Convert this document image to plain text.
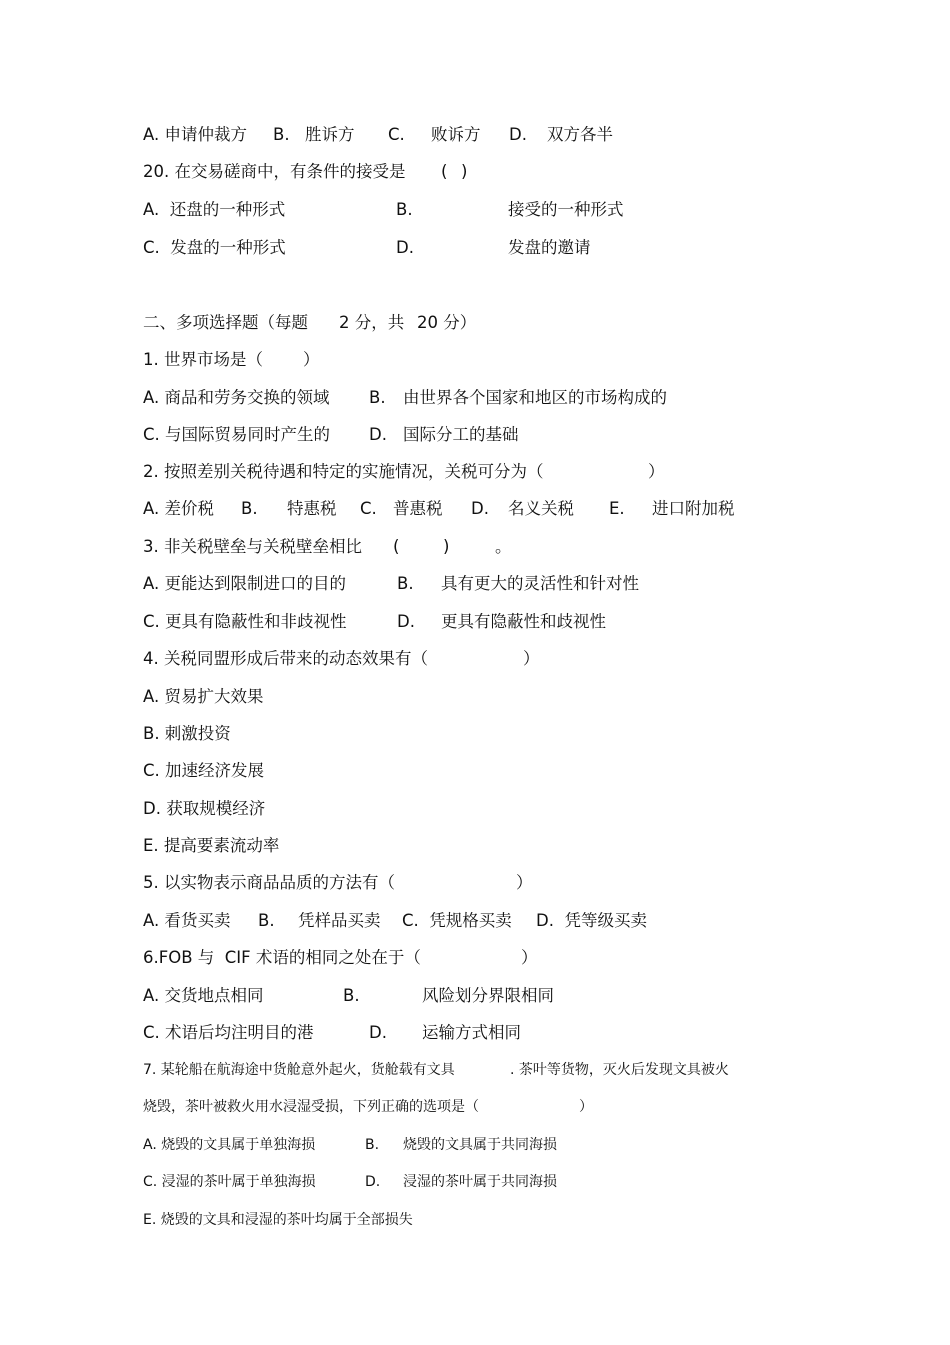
A. 申请仲裁方 B. 胜诉方 C. 败诉方 D. 双方各半
20. 在交易磋商中，有条件的接受是 ( )
A.  还盘的一种形式	B.	接受的一种形式
C.  发盘的一种形式	D.	发盘的邀请
二、多项选择题（每题 2 分，共 20 分）
1. 世界市场是（ ）
A. 商品和劳务交换的领域 B. 由世界各个国家和地区的市场构成的
C. 与国际贸易同时产生的 D. 国际分工的基础
2. 按照差别关税待遇和特定的实施情况，关税可分为（	）
A. 差价税 B. 特惠税 C. 普惠税 D. 名义关税 E. 进口附加税
3. 非关税壁垒与关税壁垒相比 (	)	。
A. 更能达到限制进口的目的	B. 具有更大的灵活性和针对性
C. 更具有隐蔽性和非歧视性	D. 更具有隐蔽性和歧视性
4. 关税同盟形成后带来的动态效果有（	）
A. 贸易扩大效果
B. 刺激投资
C. 加速经济发展
D. 获取规模经济
E. 提高要素流动率
5. 以实物表示商品品质的方法有（	）
A. 看货买卖 B. 凭样品买卖 C.  凭规格买卖 D.  凭等级买卖
6.FOB 与  CIF 术语的相同之处在于（	）
A. 交货地点相同	B.	风险划分界限相同
C. 术语后均注明目的港	D. 运输方式相同
7. 某轮船在航海途中货舱意外起火，货舱载有文具	. 茶叶等货物，灭火后发现文具被火
烧毁，茶叶被救火用水浸湿受损，下列正确的选项是（	）
A. 烧毁的文具属于单独海损	B. 烧毁的文具属于共同海损
C. 浸湿的茶叶属于单独海损	D. 浸湿的茶叶属于共同海损
E. 烧毁的文具和浸湿的茶叶均属于全部损失
